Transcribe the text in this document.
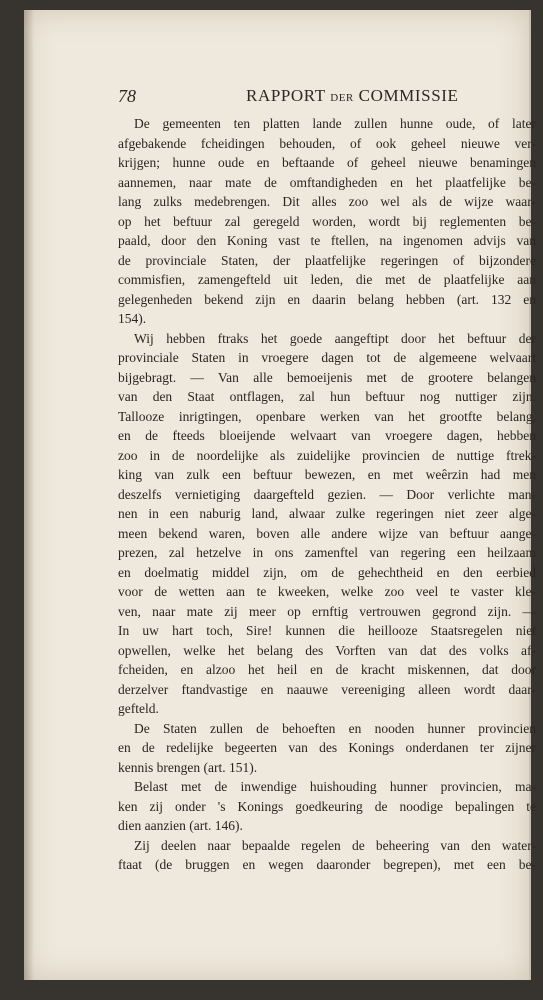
78	RAPPORT DER COMMISSIE
De gemeenten ten platten lande zullen hunne oude, of later
afgebakende fcheidingen behouden, of ook geheel nieuwe ver-
krijgen; hunne oude en beftaande of geheel nieuwe benamingen
aannemen, naar mate de omftandigheden en het plaatfelijke be-
lang zulks medebrengen. Dit alles zoo wel als de wijze waar-
op het beftuur zal geregeld worden, wordt bij reglementen be-
paald, door den Koning vast te ftellen, na ingenomen advijs van
de provinciale Staten, der plaatfelijke regeringen of bijzondere
commisfien, zamengefteld uit leden, die met de plaatfelijke aan
gelegenheden bekend zijn en daarin belang hebben (art. 132 en
154).
Wij hebben ftraks het goede aangeftipt door het beftuur der
provinciale Staten in vroegere dagen tot de algemeene welvaart
bijgebragt. — Van alle bemoeijenis met de grootere belangen
van den Staat ontflagen, zal hun beftuur nog nuttiger zijn.
Tallooze inrigtingen, openbare werken van het grootfte belang,
en de fteeds bloeijende welvaart van vroegere dagen, hebben
zoo in de noordelijke als zuidelijke provincien de nuttige ftrek-
king van zulk een beftuur bewezen, en met weêrzin had men
deszelfs vernietiging daargefteld gezien. — Door verlichte man-
nen in een naburig land, alwaar zulke regeringen niet zeer alge-
meen bekend waren, boven alle andere wijze van beftuur aange-
prezen, zal hetzelve in ons zamenftel van regering een heilzaam
en doelmatig middel zijn, om de gehechtheid en den eerbied
voor de wetten aan te kweeken, welke zoo veel te vaster kle-
ven, naar mate zij meer op ernftig vertrouwen gegrond zijn. —
In uw hart toch, Sire! kunnen die heillooze Staatsregelen niet
opwellen, welke het belang des Vorften van dat des volks af-
fcheiden, en alzoo het heil en de kracht miskennen, dat door
derzelver ftandvastige en naauwe vereeniging alleen wordt daar-
gefteld.
De Staten zullen de behoeften en nooden hunner provincien
en de redelijke begeerten van des Konings onderdanen ter zijner
kennis brengen (art. 151).
Belast met de inwendige huishouding hunner provincien, ma-
ken zij onder 's Konings goedkeuring de noodige bepalingen te
dien aanzien (art. 146).
Zij deelen naar bepaalde regelen de beheering van den water-
ftaat (de bruggen en wegen daaronder begrepen), met een be-
